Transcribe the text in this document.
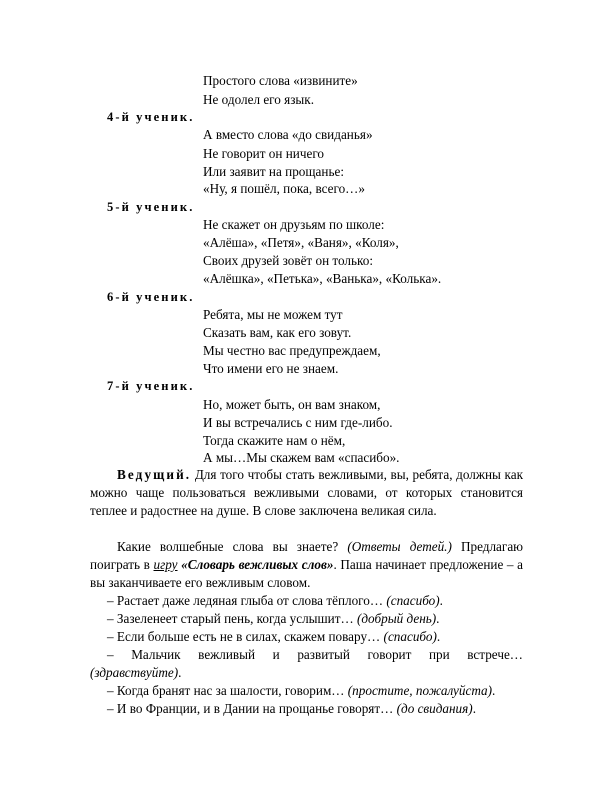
Простого слова «извините»
Не одолел его язык.
4-й ученик.
А вместо слова «до свиданья»
Не говорит он ничего
Или заявит на прощанье:
«Ну, я пошёл, пока, всего…»
5-й ученик.
Не скажет он друзьям по школе:
«Алёша», «Петя», «Ваня», «Коля»,
Своих друзей зовёт он только:
«Алёшка», «Петька», «Ванька», «Колька».
6-й ученик.
Ребята, мы не можем тут
Сказать вам, как его зовут.
Мы честно вас предупреждаем,
Что имени его не знаем.
7-й ученик.
Но, может быть, он вам знаком,
И вы встречались с ним где-либо.
Тогда скажите нам о нём,
А мы…Мы скажем вам «спасибо».
Ведущий. Для того чтобы стать вежливыми, вы, ребята, должны как можно чаще пользоваться вежливыми словами, от которых становится теплее и радостнее на душе. В слове заключена великая сила.
Какие волшебные слова вы знаете? (Ответы детей.) Предлагаю поиграть в игру «Словарь вежливых слов». Паша начинает предложение – а вы заканчиваете его вежливым словом.
– Растает даже ледяная глыба от слова тёплого… (спасибо).
– Зазеленеет старый пень, когда услышит… (добрый день).
– Если больше есть не в силах, скажем повару… (спасибо).
– Мальчик вежливый и развитый говорит при встрече…
(здравствуйте).
– Когда бранят нас за шалости, говорим… (простите, пожалуйста).
– И во Франции, и в Дании на прощанье говорят… (до свидания).
